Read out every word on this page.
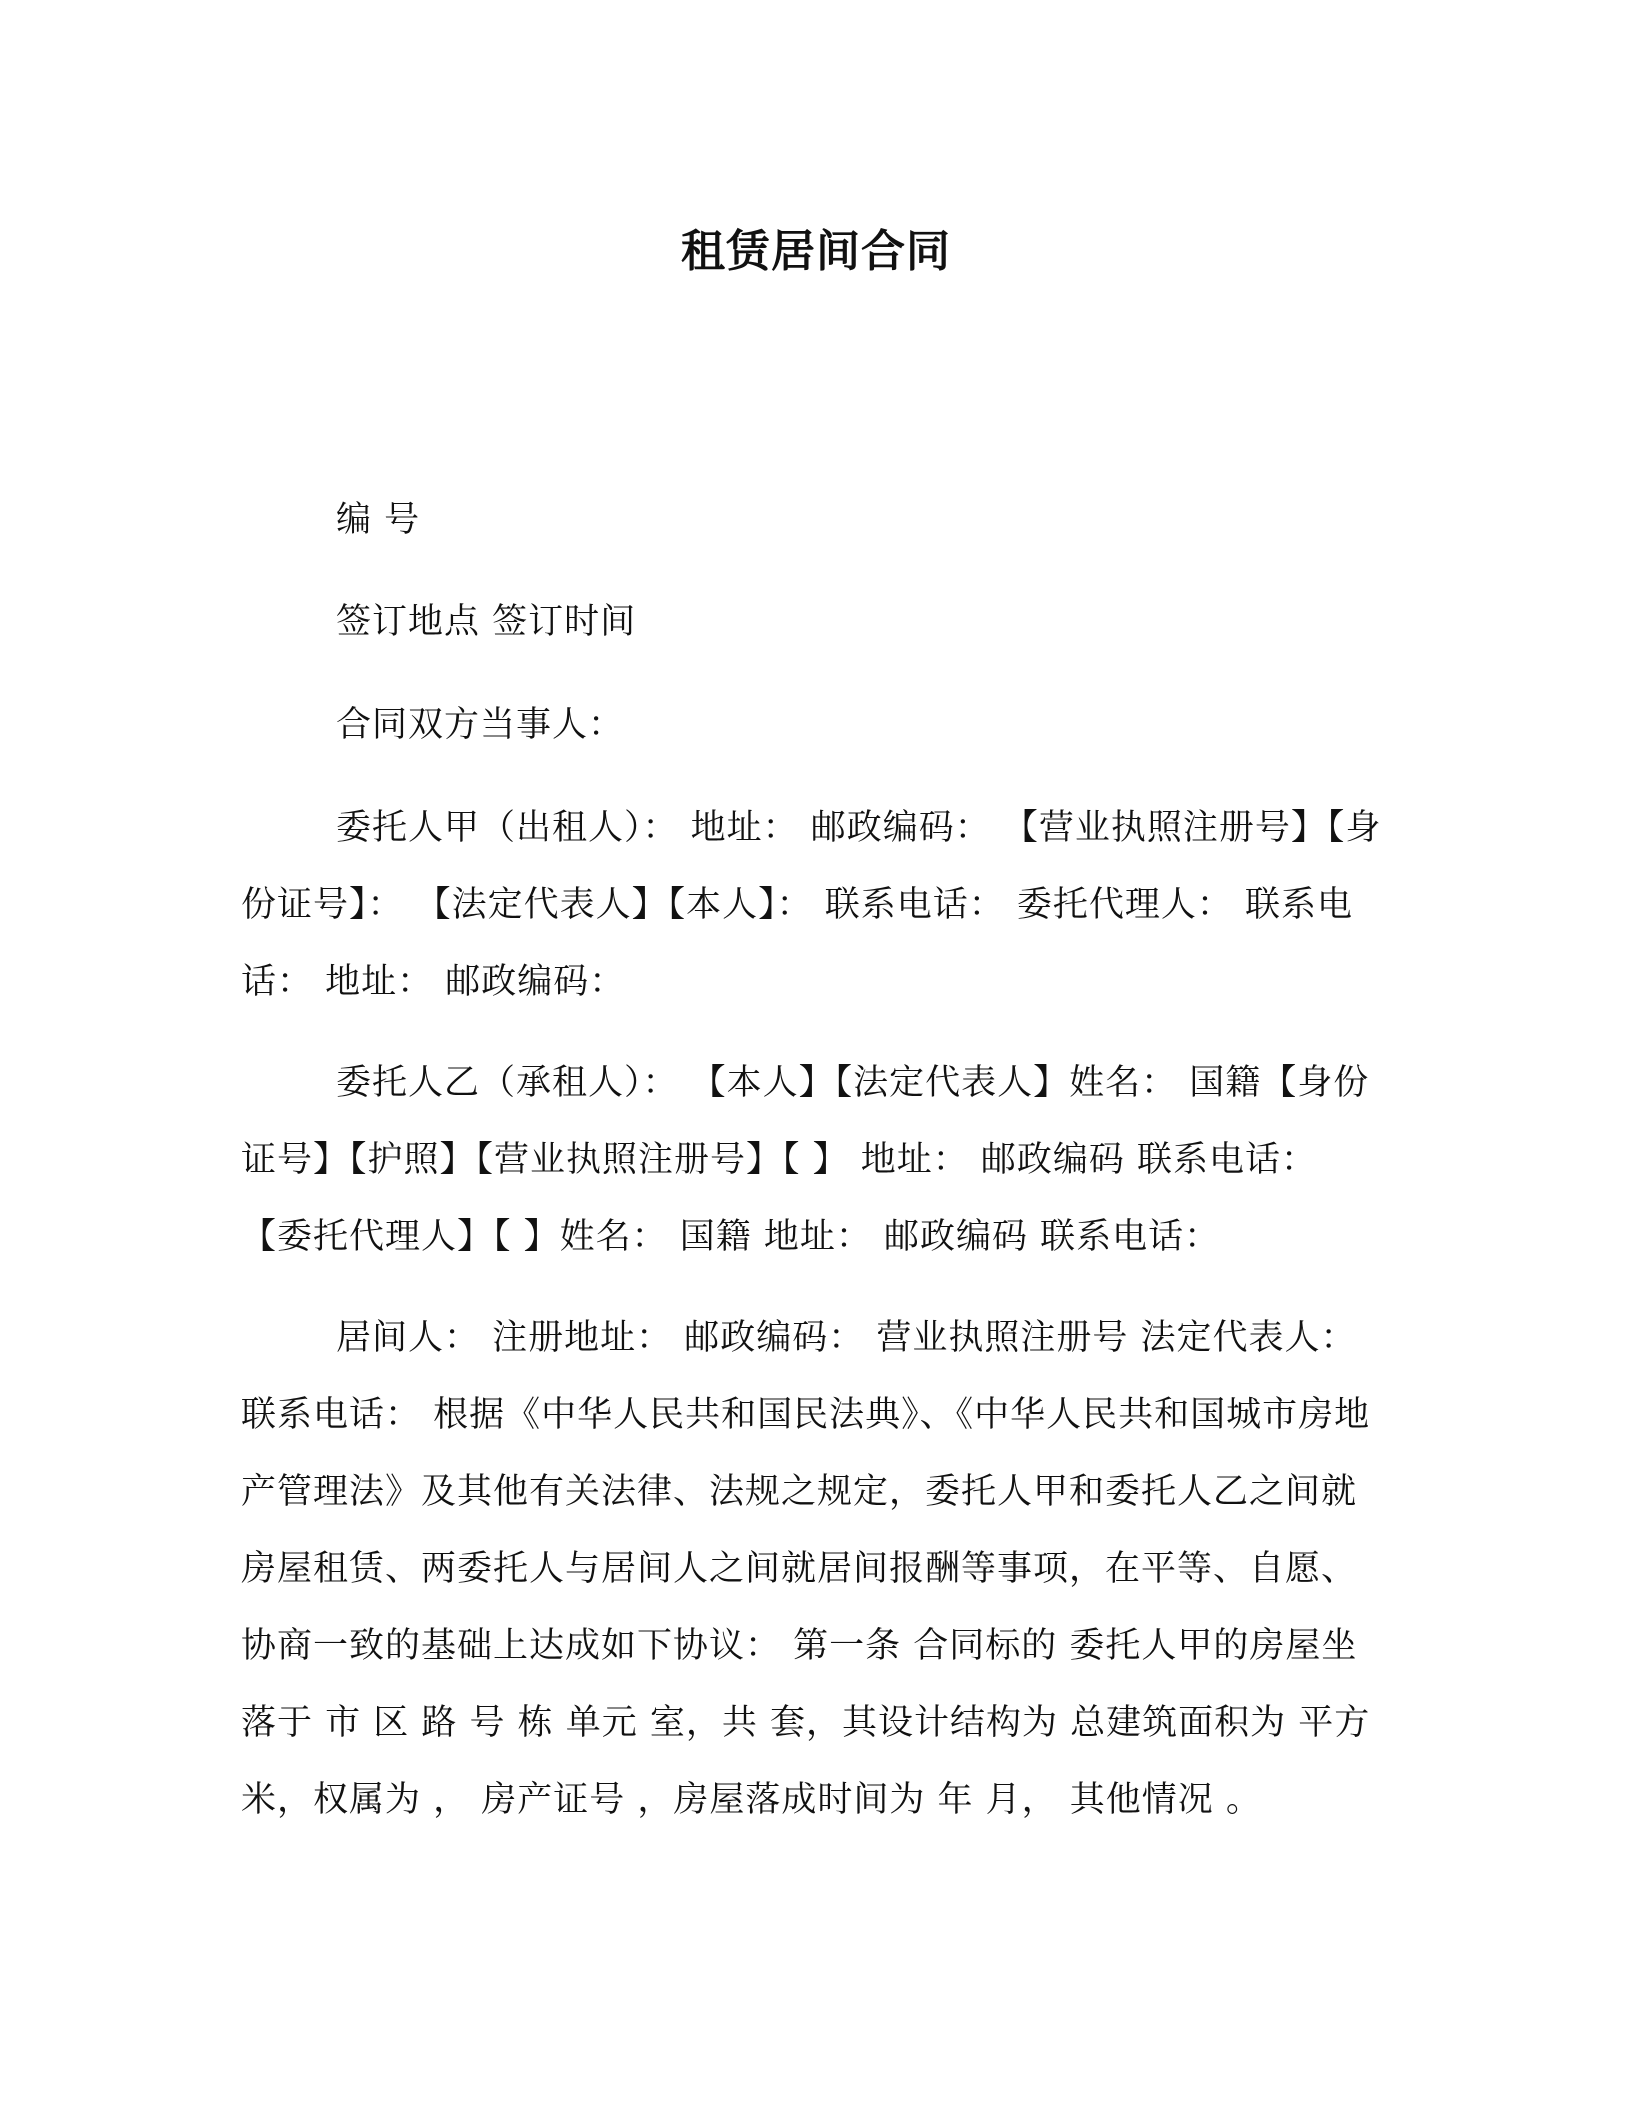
租赁居间合同
编 号
签订地点 签订时间
合同双方当事人：

委托人甲（出租人）： 地址： 邮政编码： 【营业执照注册号】【身份证号】： 【法定代表人】【本人】： 联系电话： 委托代理人： 联系电话： 地址： 邮政编码：

委托人乙（承租人）： 【本人】【法定代表人】姓名： 国籍【身份证号】【护照】【营业执照注册号】【 】 地址： 邮政编码 联系电话： 【委托代理人】【 】姓名： 国籍 地址： 邮政编码 联系电话：

居间人： 注册地址： 邮政编码： 营业执照注册号 法定代表人：联系电话： 根据《中华人民共和国民法典》、《中华人民共和国城市房地产管理法》及其他有关法律、法规之规定，委托人甲和委托人乙之间就房屋租赁、两委托人与居间人之间就居间报酬等事项，在平等、自愿、协商一致的基础上达成如下协议： 第一条 合同标的 委托人甲的房屋坐落于 市 区 路 号 栋 单元 室，共 套，其设计结构为 总建筑面积为 平方米，权属为 ， 房产证号 ，房屋落成时间为 年 月， 其他情况 。
